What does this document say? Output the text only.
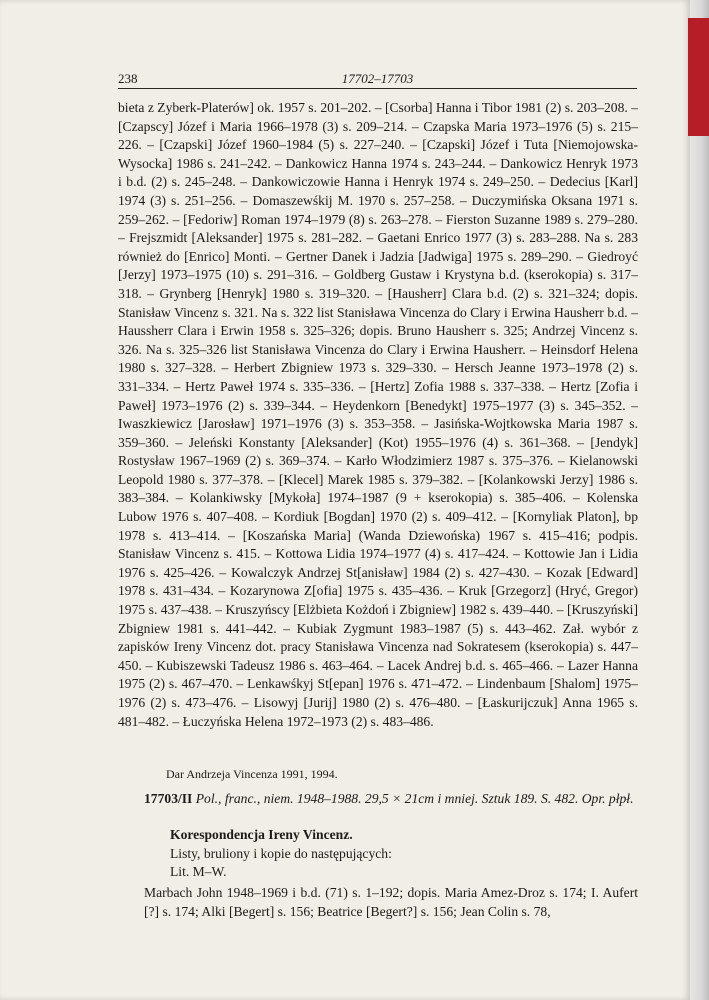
238	17702–17703

bieta z Zyberk-Platerów] ok. 1957 s. 201–202. – [Csorba] Hanna i Tibor 1981 (2) s. 203–208. – [Czapscy] Józef i Maria 1966–1978 (3) s. 209–214. – Czapska Maria 1973–1976 (5) s. 215–226. – [Czapski] Józef 1960–1984 (5) s. 227–240. – [Czapski] Józef i Tuta [Niemojowska-Wysocka] 1986 s. 241–242. – Dankowicz Hanna 1974 s. 243–244. – Dankowicz Henryk 1973 i b.d. (2) s. 245–248. – Dankowiczowie Hanna i Henryk 1974 s. 249–250. – Dedecius [Karl] 1974 (3) s. 251–256. – Domaszewśkij M. 1970 s. 257–258. – Duczymińska Oksana 1971 s. 259–262. – [Fedoriw] Roman 1974–1979 (8) s. 263–278. – Fierston Suzanne 1989 s. 279–280. – Frejszmidt [Aleksander] 1975 s. 281–282. – Gaetani Enrico 1977 (3) s. 283–288. Na s. 283 również do [Enrico] Monti. – Gertner Danek i Jadzia [Jadwiga] 1975 s. 289–290. – Giedroyć [Jerzy] 1973–1975 (10) s. 291–316. – Goldberg Gustaw i Krystyna b.d. (kserokopia) s. 317–318. – Grynberg [Henryk] 1980 s. 319–320. – [Hausherr] Clara b.d. (2) s. 321–324; dopis. Stanisław Vincenz s. 321. Na s. 322 list Stanisława Vincenza do Clary i Erwina Hausherr b.d. – Haussherr Clara i Erwin 1958 s. 325–326; dopis. Bruno Hausherr s. 325; Andrzej Vincenz s. 326. Na s. 325–326 list Stanisława Vincenza do Clary i Erwina Hausherr. – Heinsdorf Helena 1980 s. 327–328. – Herbert Zbigniew 1973 s. 329–330. – Hersch Jeanne 1973–1978 (2) s. 331–334. – Hertz Paweł 1974 s. 335–336. – [Hertz] Zofia 1988 s. 337–338. – Hertz [Zofia i Paweł] 1973–1976 (2) s. 339–344. – Heydenkorn [Benedykt] 1975–1977 (3) s. 345–352. – Iwaszkiewicz [Jarosław] 1971–1976 (3) s. 353–358. – Jasińska-Wojtkowska Maria 1987 s. 359–360. – Jeleński Konstanty [Aleksander] (Kot) 1955–1976 (4) s. 361–368. – [Jendyk] Rostysław 1967–1969 (2) s. 369–374. – Karło Włodzimierz 1987 s. 375–376. – Kielanowski Leopold 1980 s. 377–378. – [Klecel] Marek 1985 s. 379–382. – [Kolankowski Jerzy] 1986 s. 383–384. – Kolankiwsky [Mykoła] 1974–1987 (9 + kserokopia) s. 385–406. – Kolenska Lubow 1976 s. 407–408. – Kordiuk [Bogdan] 1970 (2) s. 409–412. – [Kornyliak Platon], bp 1978 s. 413–414. – [Koszańska Maria] (Wanda Dziewońska) 1967 s. 415–416; podpis. Stanisław Vincenz s. 415. – Kottowa Lidia 1974–1977 (4) s. 417–424. – Kottowie Jan i Lidia 1976 s. 425–426. – Kowalczyk Andrzej St[anisław] 1984 (2) s. 427–430. – Kozak [Edward] 1978 s. 431–434. – Kozarynowa Z[ofia] 1975 s. 435–436. – Kruk [Grzegorz] (Hryć, Gregor) 1975 s. 437–438. – Kruszyńscy [Elżbieta Kożdoń i Zbigniew] 1982 s. 439–440. – [Kruszyński] Zbigniew 1981 s. 441–442. – Kubiak Zygmunt 1983–1987 (5) s. 443–462. Zał. wybór z zapisków Ireny Vincenz dot. pracy Stanisława Vincenza nad Sokratesem (kserokopia) s. 447–450. – Kubiszewski Tadeusz 1986 s. 463–464. – Lacek Andrej b.d. s. 465–466. – Lazer Hanna 1975 (2) s. 467–470. – Lenkawśkyj St[epan] 1976 s. 471–472. – Lindenbaum [Shalom] 1975–1976 (2) s. 473–476. – Lisowyj [Jurij] 1980 (2) s. 476–480. – [Łaskurijczuk] Anna 1965 s. 481–482. – Łuczyńska Helena 1972–1973 (2) s. 483–486.

Dar Andrzeja Vincenza 1991, 1994.

17703/II Pol., franc., niem. 1948–1988. 29,5 × 21cm i mniej. Sztuk 189. S. 482. Opr. płpł.

Korespondencja Ireny Vincenz.
Listy, bruliony i kopie do następujących:
Lit. M–W.

Marbach John 1948–1969 i b.d. (71) s. 1–192; dopis. Maria Amez-Droz s. 174; I. Aufert [?] s. 174; Alki [Begert] s. 156; Beatrice [Begert?] s. 156; Jean Colin s. 78,
